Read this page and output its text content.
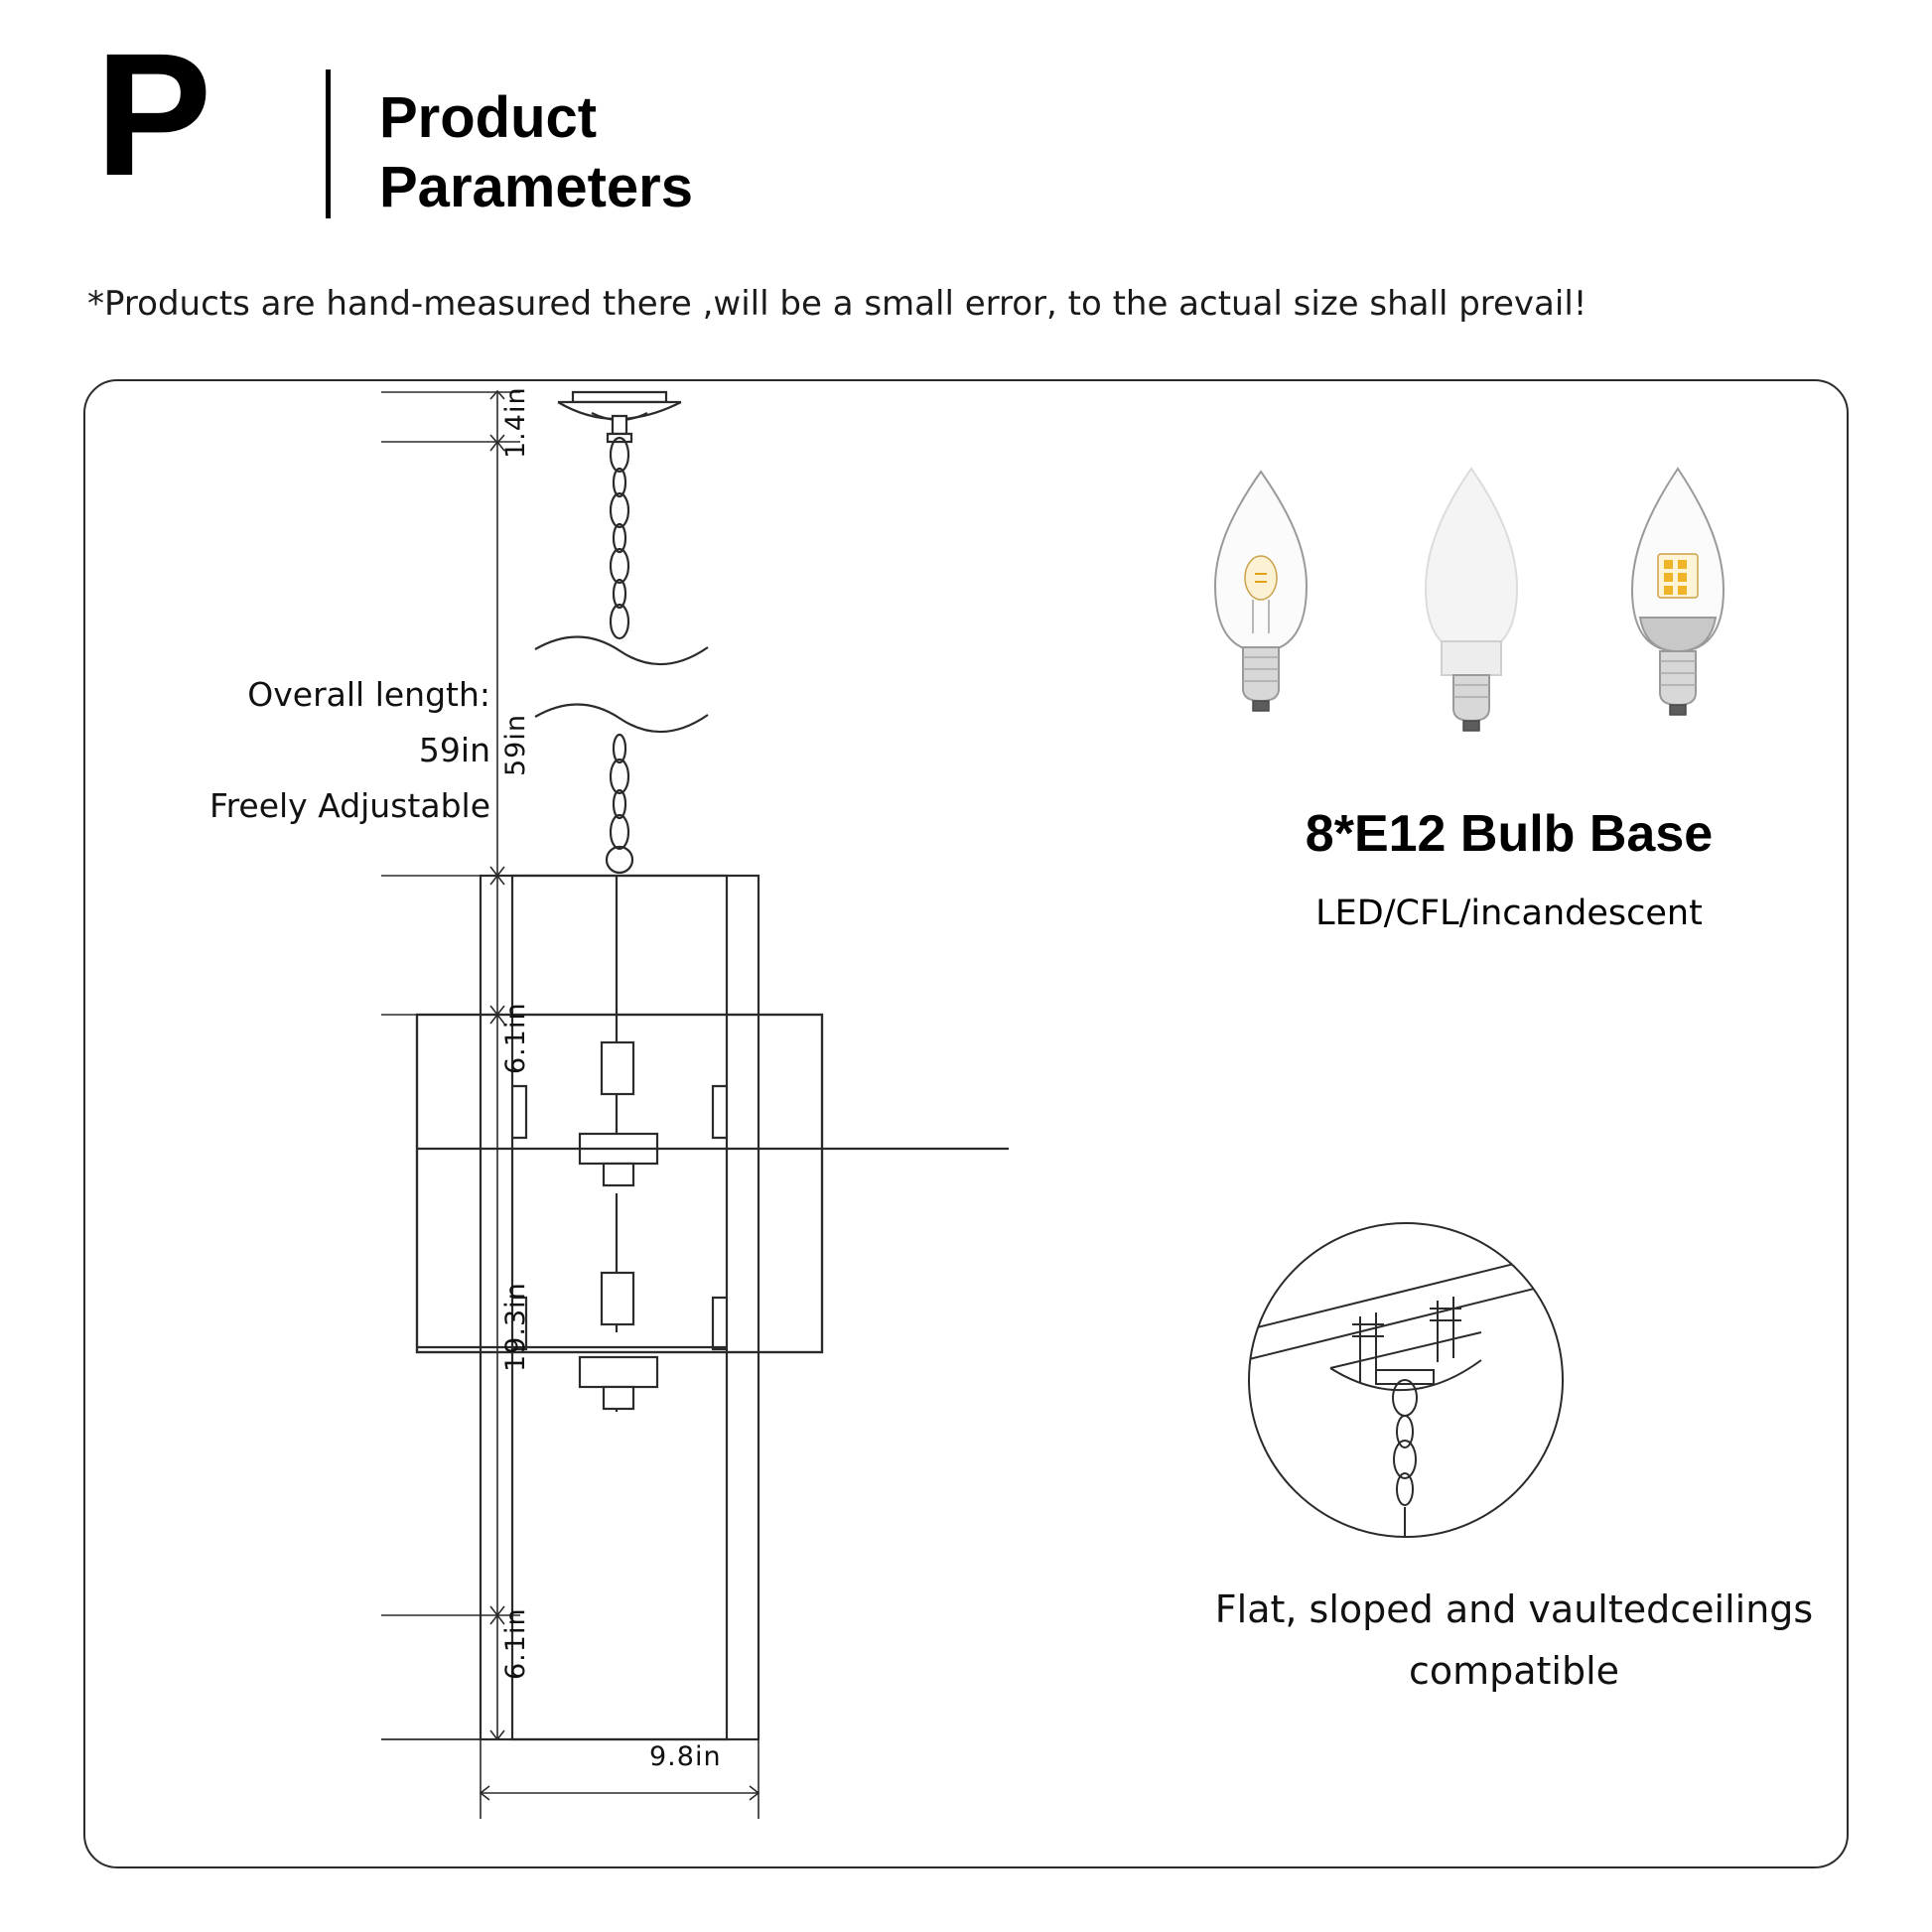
P	Product
Parameters
*Products are hand-measured there ,will be a small error, to the actual size shall prevail!
Overall length:
59in
Freely Adjustable
1.4in
59in
6.1in
19.3in
6.1in
9.8in
8*E12 Bulb Base
LED/CFL/incandescent
Flat, sloped and vaultedceilings
compatible
